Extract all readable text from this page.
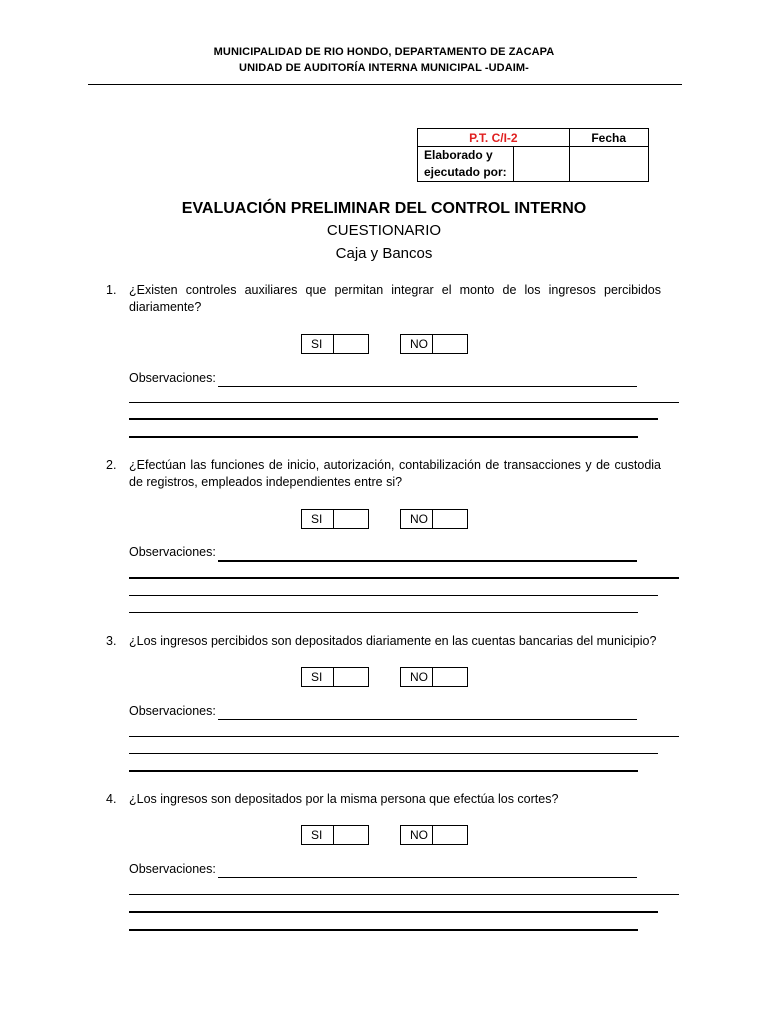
MUNICIPALIDAD DE RIO HONDO, DEPARTAMENTO DE ZACAPA
UNIDAD DE AUDITORÍA INTERNA MUNICIPAL -UDAIM-
P.T. C/I-2		Fecha

Elaborado y
ejecutado por:		

EVALUACIÓN PRELIMINAR DEL CONTROL INTERNO
CUESTIONARIO
Caja y Bancos
1. ¿Existen controles auxiliares que permitan integrar el monto de los ingresos percibidos diariamente?
SI	NO
Observaciones:
2. ¿Efectúan las funciones de inicio, autorización, contabilización de transacciones y de custodia de registros, empleados independientes entre si?
SI	NO
Observaciones:
3. ¿Los ingresos percibidos son depositados diariamente en las cuentas bancarias del municipio?
SI	NO
Observaciones:
4. ¿Los ingresos son depositados por la misma persona que efectúa los cortes?
SI	NO
Observaciones:
